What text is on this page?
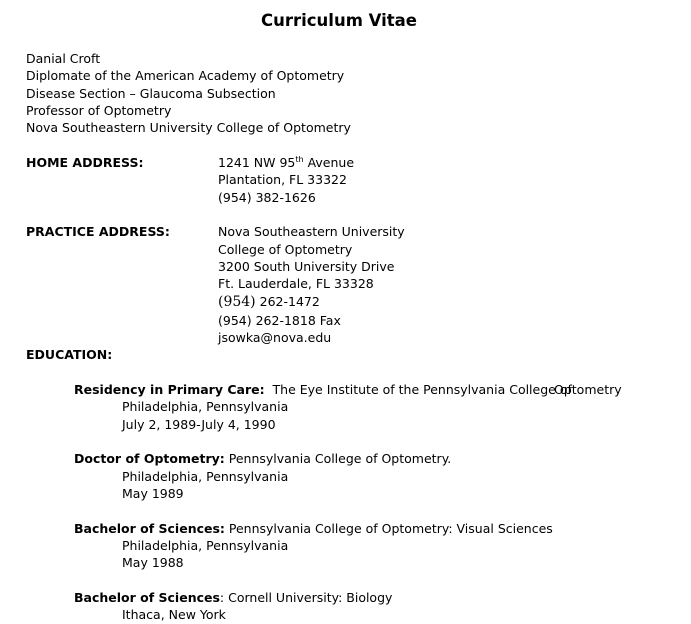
Curriculum Vitae
Danial Croft
Diplomate of the American Academy of Optometry
Disease Section – Glaucoma Subsection
Professor of Optometry
Nova Southeastern University College of Optometry
HOME ADDRESS:	1241 NW 95th Avenue
Plantation, FL 33322
(954) 382-1626
PRACTICE ADDRESS:	Nova Southeastern University
College of Optometry
3200 South University Drive
Ft. Lauderdale, FL 33328
(954) 262-1472
(954) 262-1818 Fax
jsowka@nova.edu
EDUCATION:
Residency in Primary Care:  The Eye Institute of the Pennsylvania College of
Optometry
Philadelphia, Pennsylvania
July 2, 1989-July 4, 1990
Doctor of Optometry: Pennsylvania College of Optometry.
Philadelphia, Pennsylvania
May 1989
Bachelor of Sciences: Pennsylvania College of Optometry: Visual Sciences
Philadelphia, Pennsylvania
May 1988
Bachelor of Sciences: Cornell University: Biology
Ithaca, New York
